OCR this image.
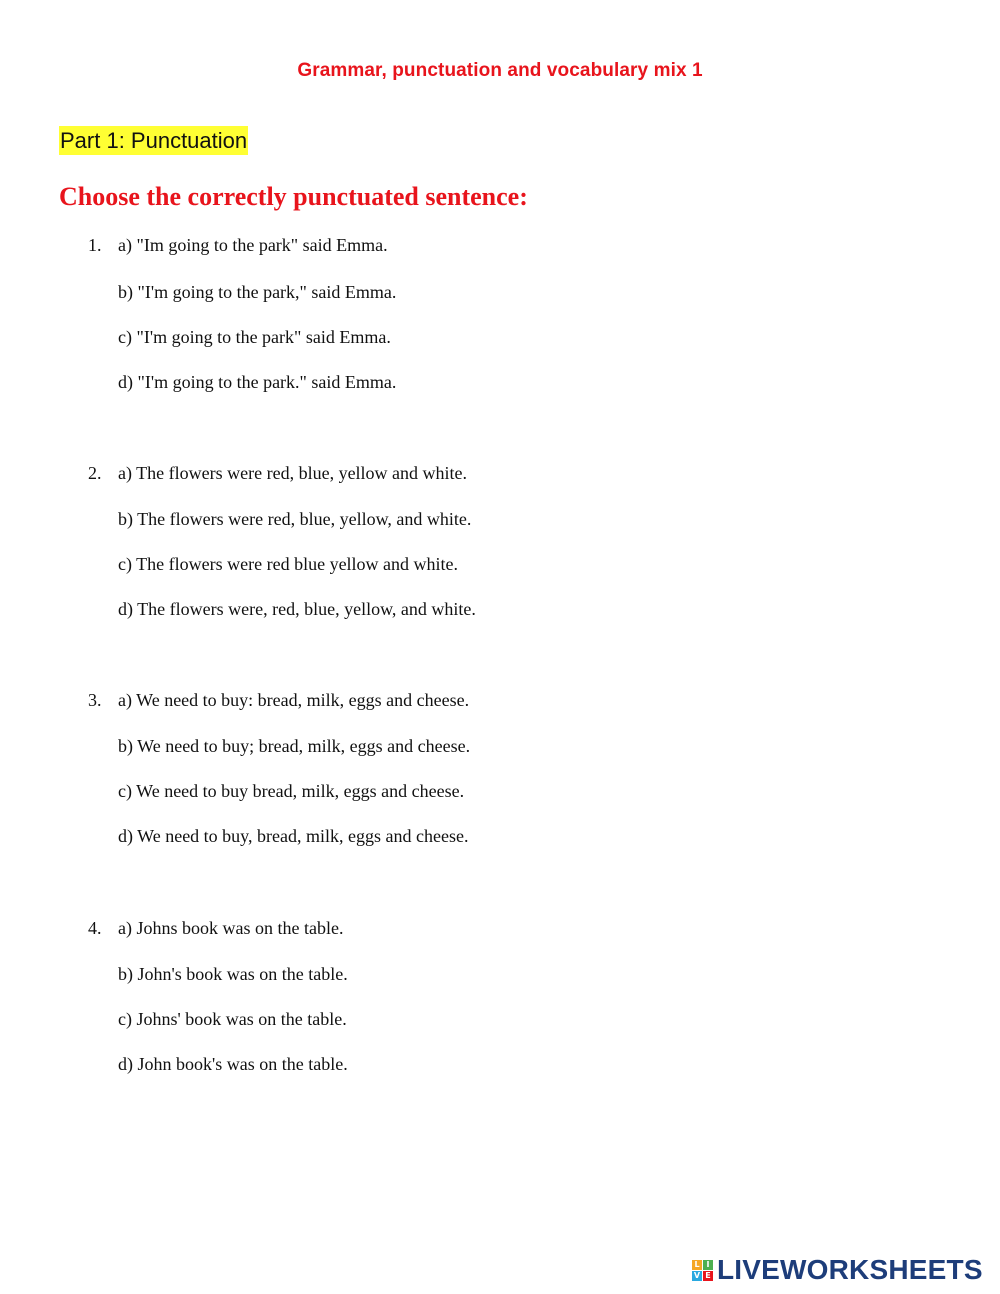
Grammar, punctuation and vocabulary mix 1
Part 1: Punctuation
Choose the correctly punctuated sentence:
1. a) "Im going to the park" said Emma.
b) "I'm going to the park," said Emma.
c) "I'm going to the park" said Emma.
d) "I'm going to the park." said Emma.
2. a) The flowers were red, blue, yellow and white.
b) The flowers were red, blue, yellow, and white.
c) The flowers were red blue yellow and white.
d) The flowers were, red, blue, yellow, and white.
3. a) We need to buy: bread, milk, eggs and cheese.
b) We need to buy; bread, milk, eggs and cheese.
c) We need to buy bread, milk, eggs and cheese.
d) We need to buy, bread, milk, eggs and cheese.
4. a) Johns book was on the table.
b) John's book was on the table.
c) Johns' book was on the table.
d) John book's was on the table.
L I
V E LIVEWORKSHEETS
